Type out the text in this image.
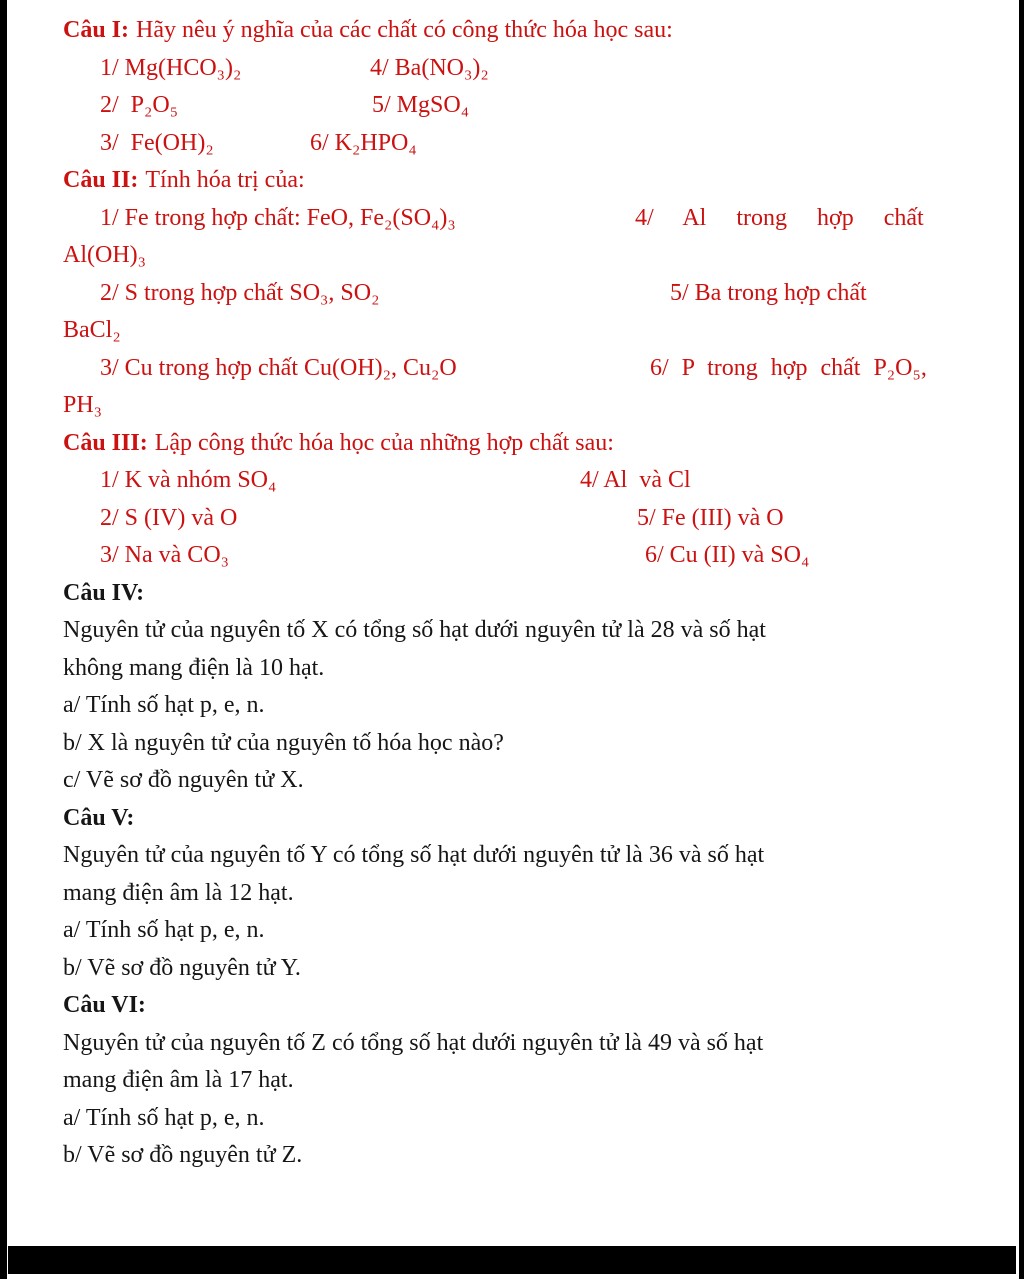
Câu I: Hãy nêu ý nghĩa của các chất có công thức hóa học sau:
1/ Mg(HCO₃)₂	4/ Ba(NO₃)₂
2/  P₂O₅	5/ MgSO₄
3/  Fe(OH)₂	6/ K₂HPO₄
Câu II: Tính hóa trị của:
1/ Fe trong hợp chất: FeO, Fe₂(SO₄)₃	4/ Al trong hợp chất
Al(OH)₃
2/ S trong hợp chất SO₃, SO₂	5/ Ba trong hợp chất
BaCl₂
3/ Cu trong hợp chất Cu(OH)₂, Cu₂O	6/ P trong hợp chất P₂O₅,
PH₃
Câu III: Lập công thức hóa học của những hợp chất sau:
1/ K và nhóm SO₄	4/ Al  và Cl
2/ S (IV) và O	5/ Fe (III) và O
3/ Na và CO₃	6/ Cu (II) và SO₄
Câu IV:
Nguyên tử của nguyên tố X có tổng số hạt dưới nguyên tử là 28 và số hạt
không mang điện là 10 hạt.
a/ Tính số hạt p, e, n.
b/ X là nguyên tử của nguyên tố hóa học nào?
c/ Vẽ sơ đồ nguyên tử X.
Câu V:
Nguyên tử của nguyên tố Y có tổng số hạt dưới nguyên tử là 36 và số hạt
mang điện âm là 12 hạt.
a/ Tính số hạt p, e, n.
b/ Vẽ sơ đồ nguyên tử Y.
Câu VI:
Nguyên tử của nguyên tố Z có tổng số hạt dưới nguyên tử là 49 và số hạt
mang điện âm là 17 hạt.
a/ Tính số hạt p, e, n.
b/ Vẽ sơ đồ nguyên tử Z.
